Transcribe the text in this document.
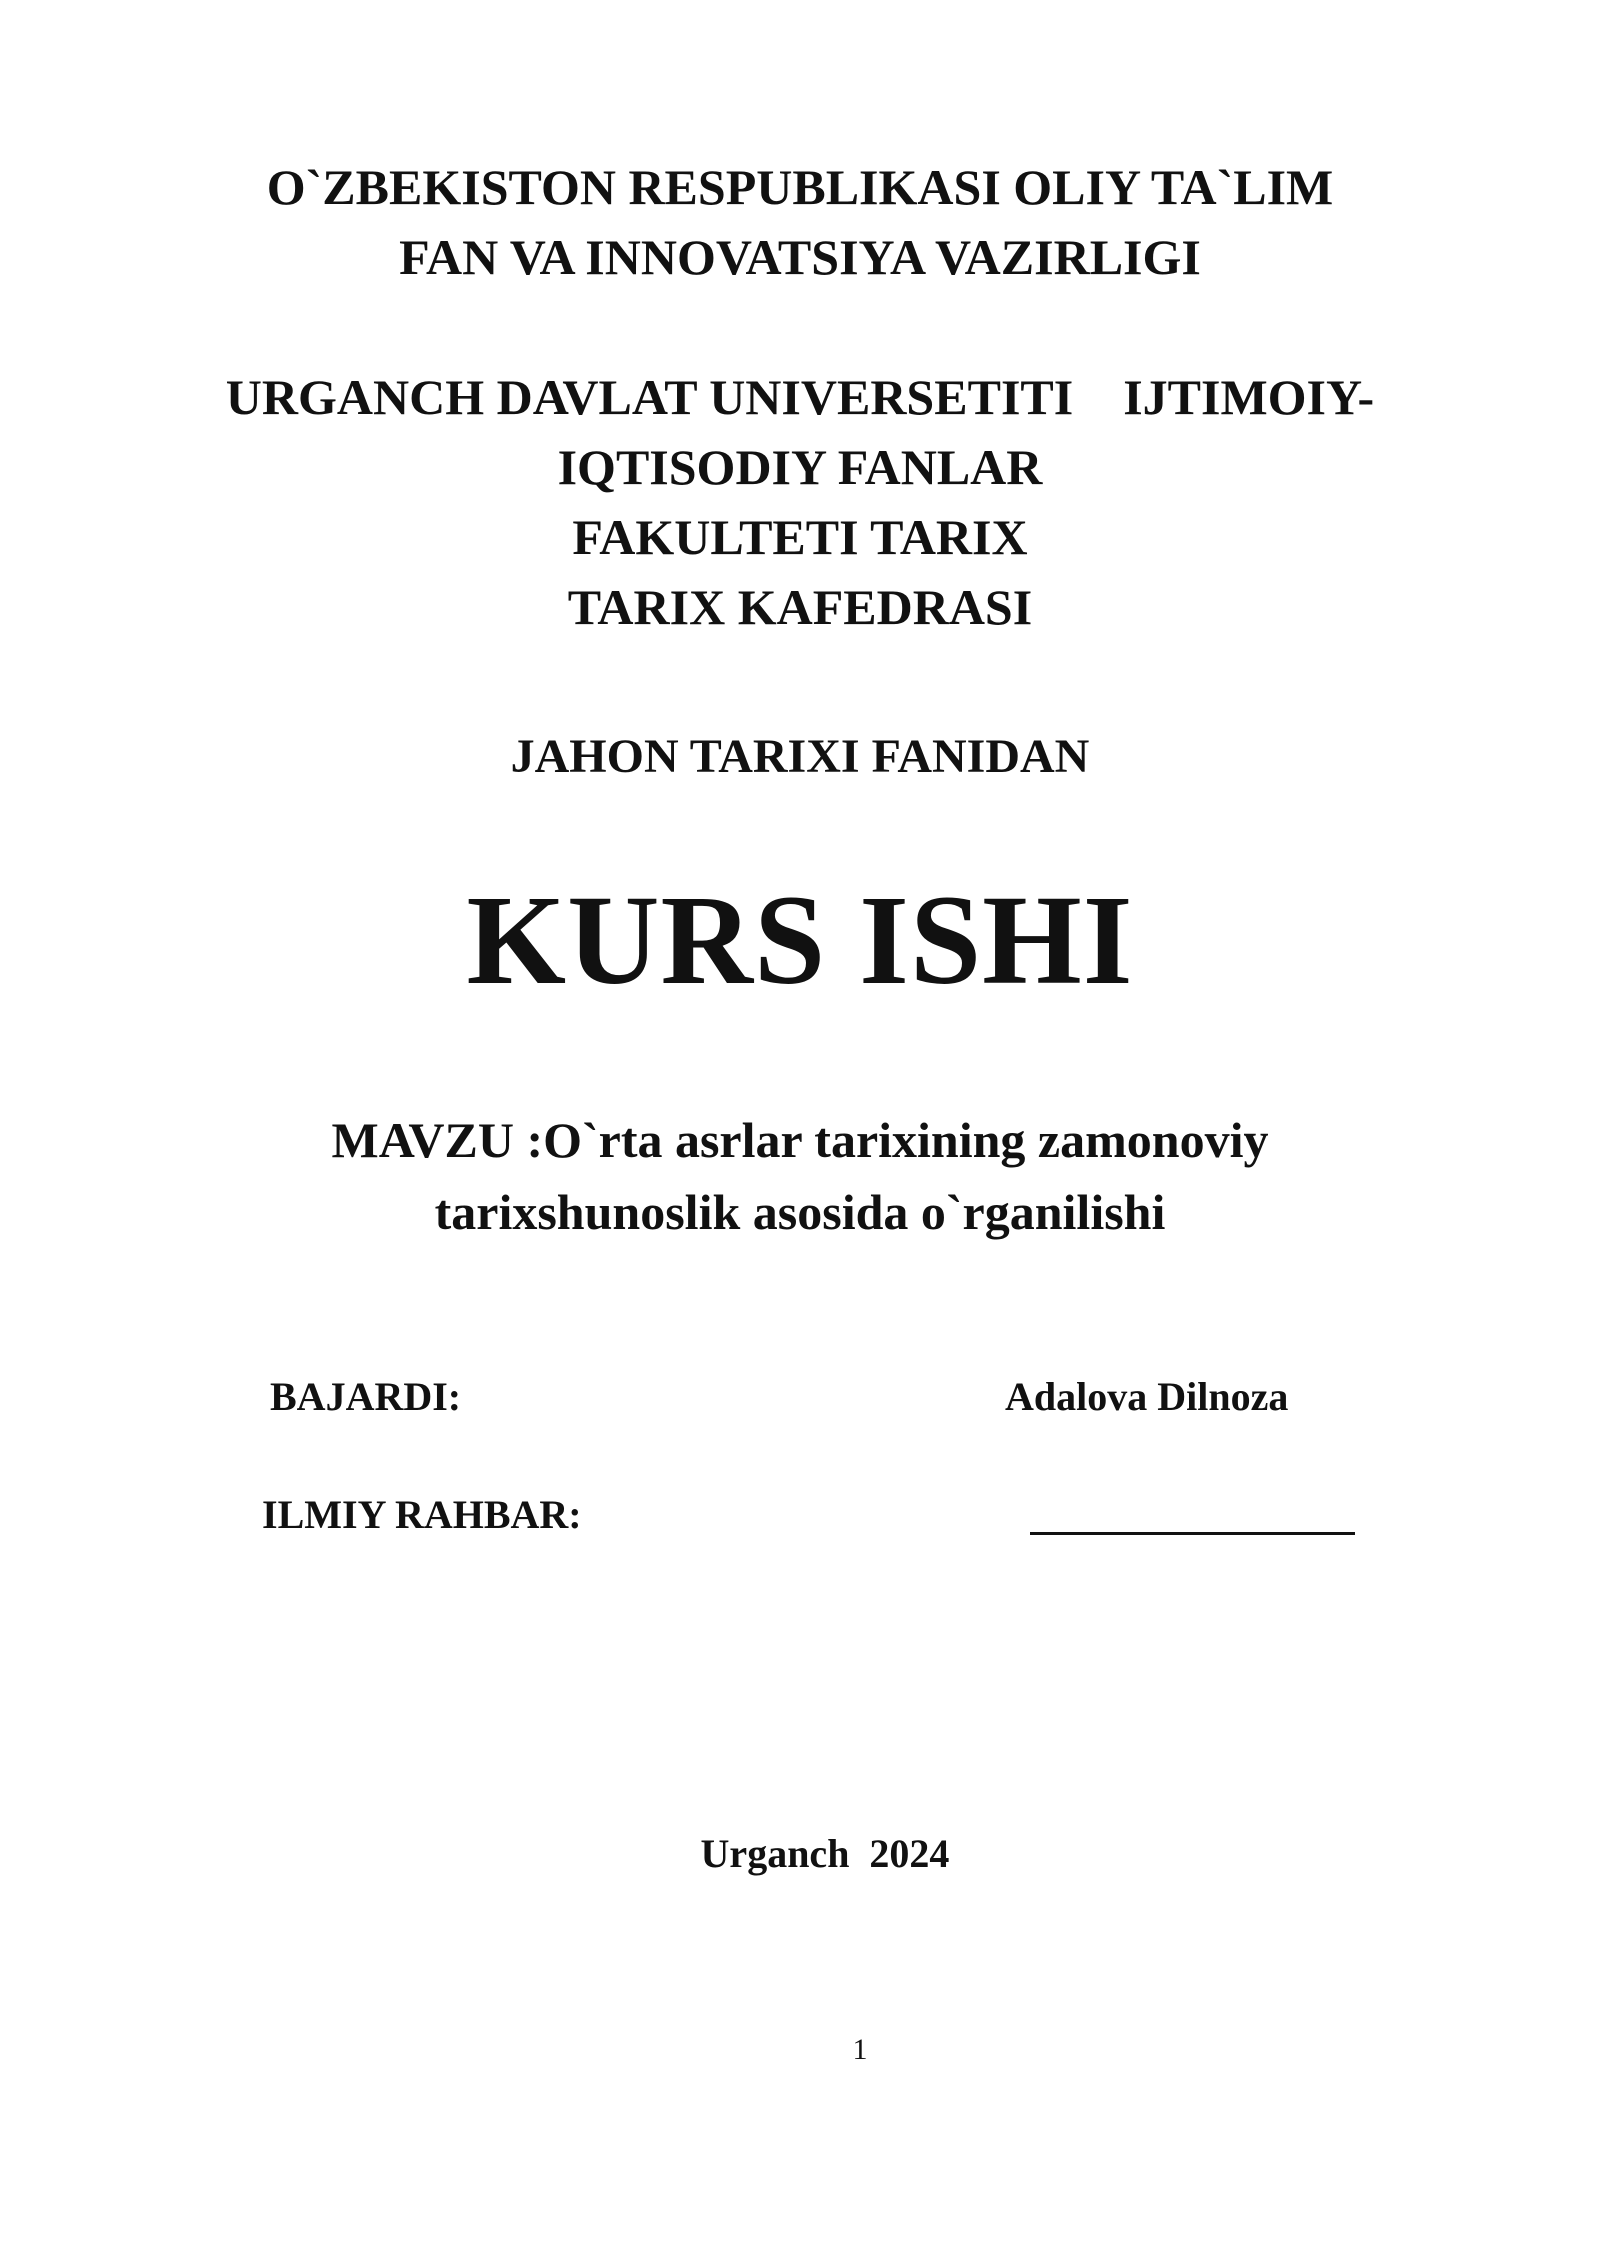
O`ZBEKISTON RESPUBLIKASI OLIY TA`LIM
FAN VA INNOVATSIYA VAZIRLIGI
URGANCH DAVLAT UNIVERSETITI    IJTIMOIY-
IQTISODIY FANLAR
FAKULTETI TARIX
TARIX KAFEDRASI
JAHON TARIXI FANIDAN
KURS ISHI
MAVZU :O`rta asrlar tarixining zamonoviy
tarixshunoslik asosida o`rganilishi
BAJARDI:	Adalova Dilnoza
ILMIY RAHBAR:
Urganch  2024
1
